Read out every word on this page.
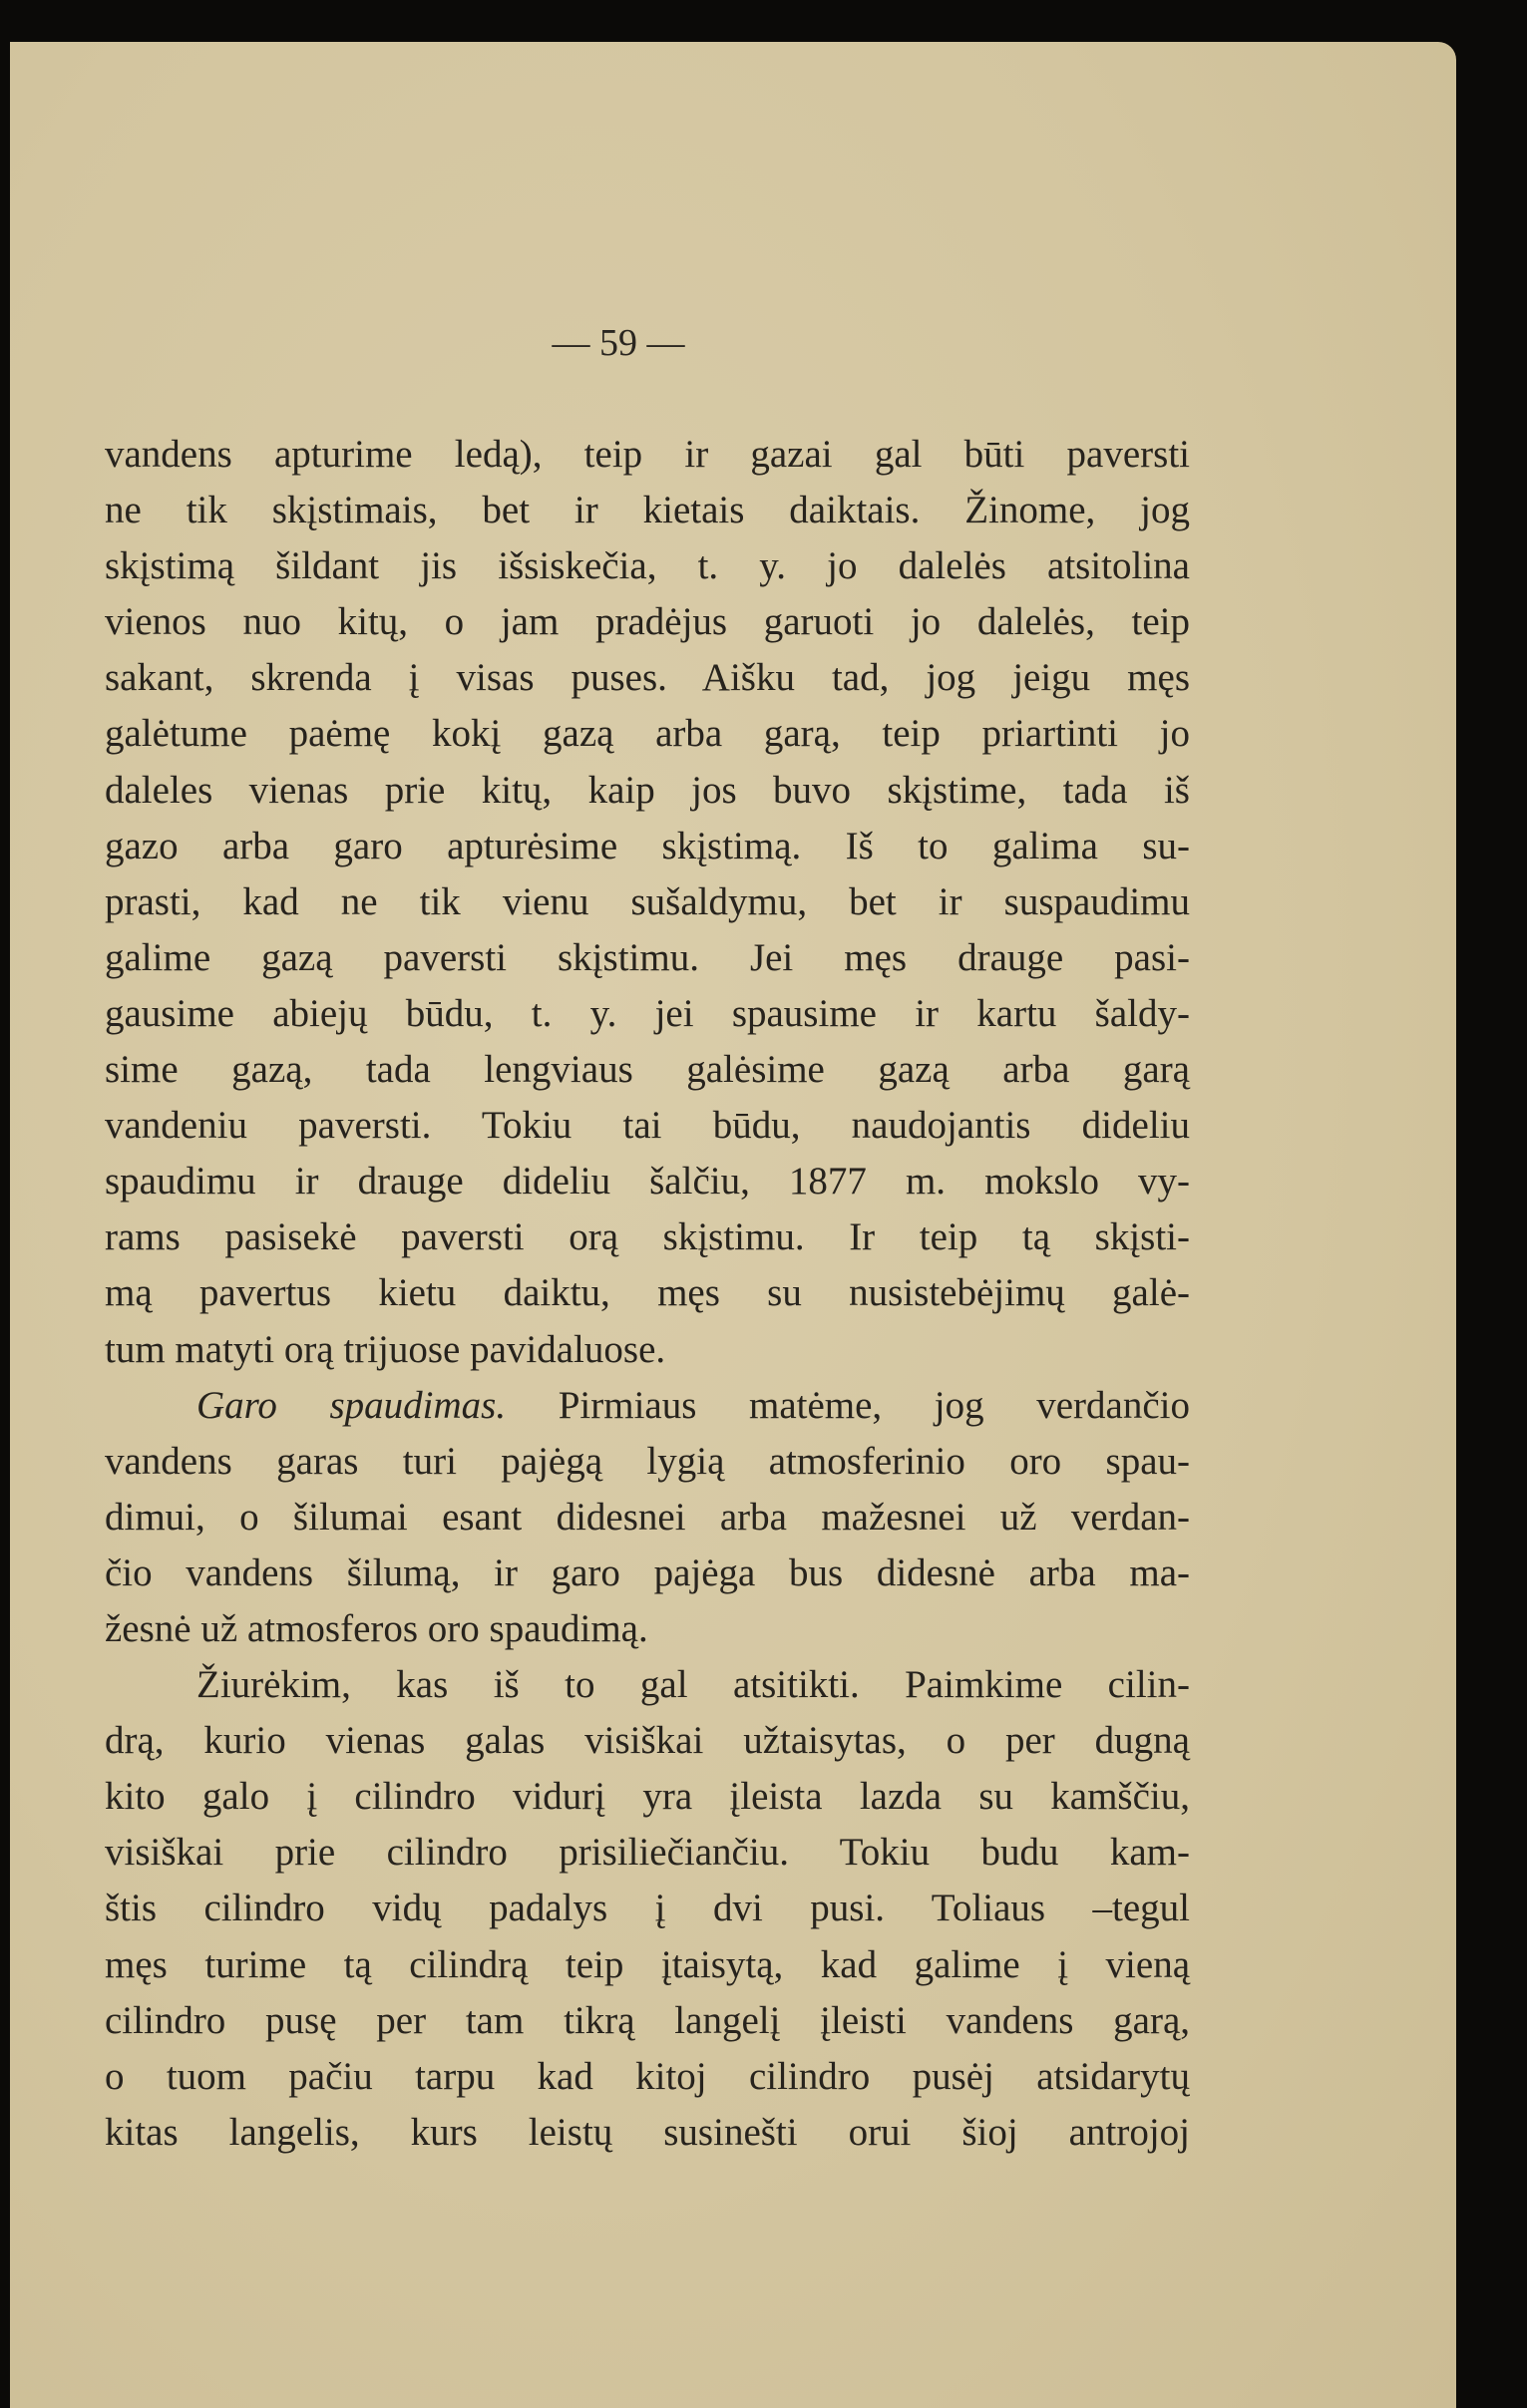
— 59 —
vandens apturime ledą), teip ir gazai gal būti paversti
ne tik skįstimais, bet ir kietais daiktais. Žinome, jog
skįstimą šildant jis išsiskečia, t. y. jo dalelės atsitolina
vienos nuo kitų, o jam pradėjus garuoti jo dalelės, teip
sakant, skrenda į visas puses. Aišku tad, jog jeigu męs
galėtume paėmę kokį gazą arba garą, teip priartinti jo
daleles vienas prie kitų, kaip jos buvo skįstime, tada iš
gazo arba garo apturėsime skįstimą. Iš to galima su-
prasti, kad ne tik vienu sušaldymu, bet ir suspaudimu
galime gazą paversti skįstimu. Jei męs drauge pasi-
gausime abiejų būdu, t. y. jei spausime ir kartu šaldy-
sime gazą, tada lengviaus galėsime gazą arba garą
vandeniu paversti. Tokiu tai būdu, naudojantis dideliu
spaudimu ir drauge dideliu šalčiu, 1877 m. mokslo vy-
rams pasisekė paversti orą skįstimu. Ir teip tą skįsti-
mą pavertus kietu daiktu, męs su nusistebėjimų galė-
tum matyti orą trijuose pavidaluose.
Garo spaudimas. Pirmiaus matėme, jog verdančio
vandens garas turi pajėgą lygią atmosferinio oro spau-
dimui, o šilumai esant didesnei arba mažesnei už verdan-
čio vandens šilumą, ir garo pajėga bus didesnė arba ma-
žesnė už atmosferos oro spaudimą.
Žiurėkim, kas iš to gal atsitikti. Paimkime cilin-
drą, kurio vienas galas visiškai užtaisytas, o per dugną
kito galo į cilindro vidurį yra įleista lazda su kamščiu,
visiškai prie cilindro prisiliečiančiu. Tokiu budu kam-
štis cilindro vidų padalys į dvi pusi. Toliaus –tegul
męs turime tą cilindrą teip įtaisytą, kad galime į vieną
cilindro pusę per tam tikrą langelį įleisti vandens garą,
o tuom pačiu tarpu kad kitoj cilindro pusėj atsidarytų
kitas langelis, kurs leistų susinešti orui šioj antrojoj
